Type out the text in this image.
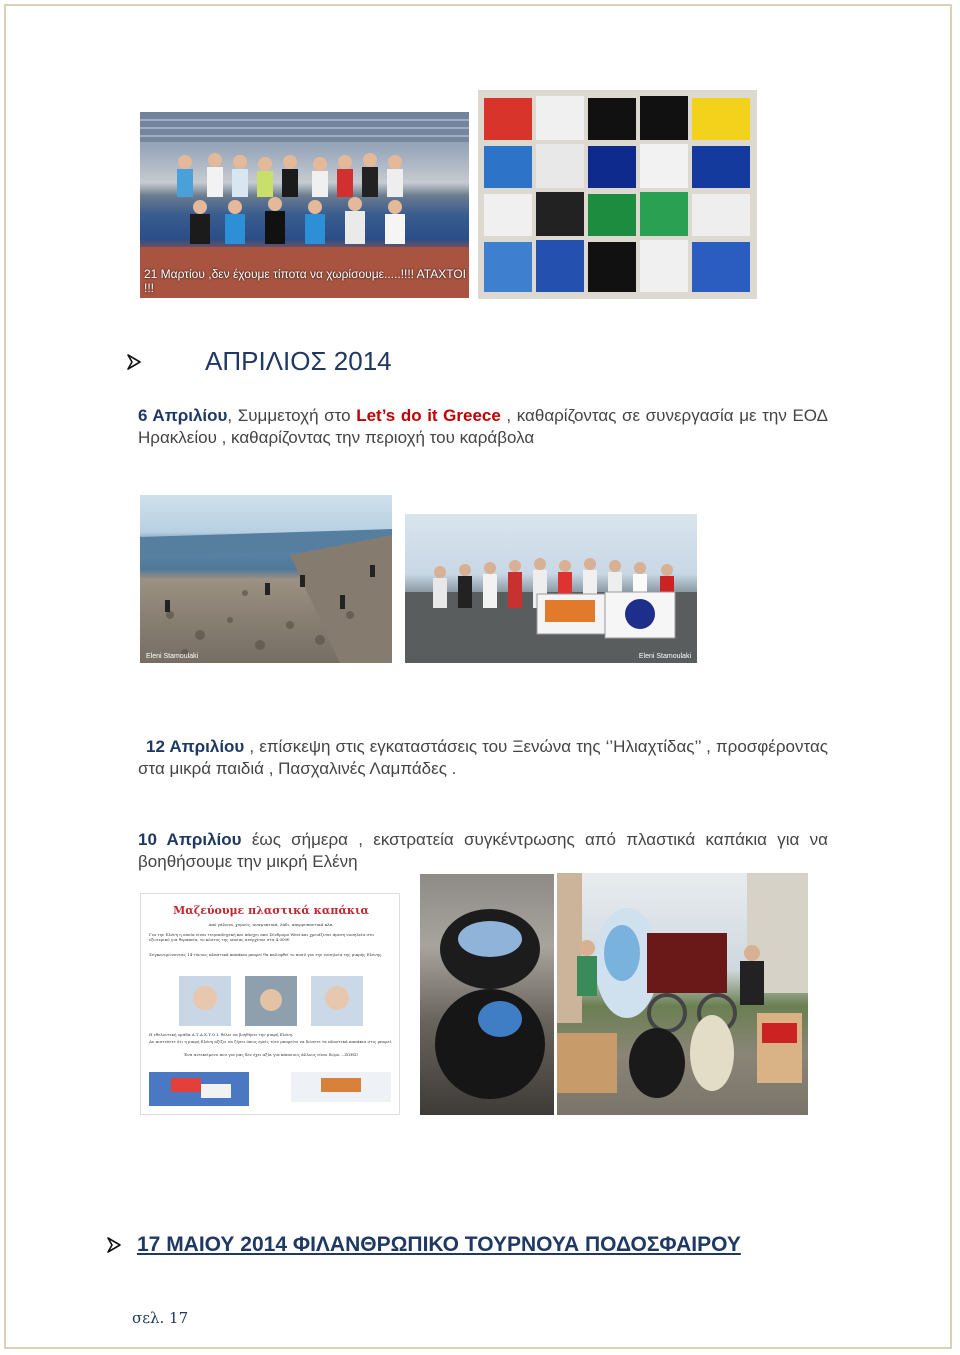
21 Μαρτίου ,δεν έχουμε τίποτα να χωρίσουμε.....!!!! ΑΤΑΧΤΟΙ !!!
ΑΠΡΙΛΙΟΣ 2014
6 Απριλίου, Συμμετοχή στο Let’s do it Greece , καθαρίζοντας σε συνεργασία με την ΕΟΔ Ηρακλείου , καθαρίζοντας την περιοχή του καράβολα
Eleni Stamoulaki	Eleni Stamoulaki
12 Απριλίου , επίσκεψη στις εγκαταστάσεις του Ξενώνα της ‘’Ηλιαχτίδας’’ , προσφέροντας στα μικρά παιδιά , Πασχαλινές Λαμπάδες .
10 Απριλίου έως σήμερα , εκστρατεία συγκέντρωσης από πλαστικά καπάκια για να βοηθήσουμε την μικρή Ελένη
Μαζεύουμε πλαστικά καπάκια
Από γάλατα, χυμούς, αναψυκτικά, λάδι, απορρυπαντικά κλπ.
Για την Ελένη η οποία είναι τετραπληγική και πάσχει από Σύνδρομο West και χρειάζεται άμεση νοσηλεία στο εξωτερικό για θεραπεία, το κόστος της οποίας ανέρχεται στα 4.000€
Συγκεντρώνοντας 14 τόνους πλαστικά καπάκια μπορεί θα καλυφθεί το ποσό για την νοσηλεία της μικρής Ελένης.
Η εθελοντική ομάδα Α.Τ.Α.Χ.Τ.Ο.Ι. θέλει να βοηθήσει την μικρή Ελένη.
Αν πιστεύετε ότι η μικρή Ελένη αξίζει να ζήσει όπως εμείς τότε μπορείτε να δώσετε τα πλαστικά καπάκια στις μπορεί.
Ένα αντικείμενο που για μας δεν έχει αξία για κάποιους άλλους είναι δώρο....ΖΩΗΣ!
17 ΜΑΙΟΥ 2014 ΦΙΛΑΝΘΡΩΠΙΚΟ ΤΟΥΡΝΟΥΑ ΠΟΔΟΣΦΑΙΡΟΥ
σελ. 17
